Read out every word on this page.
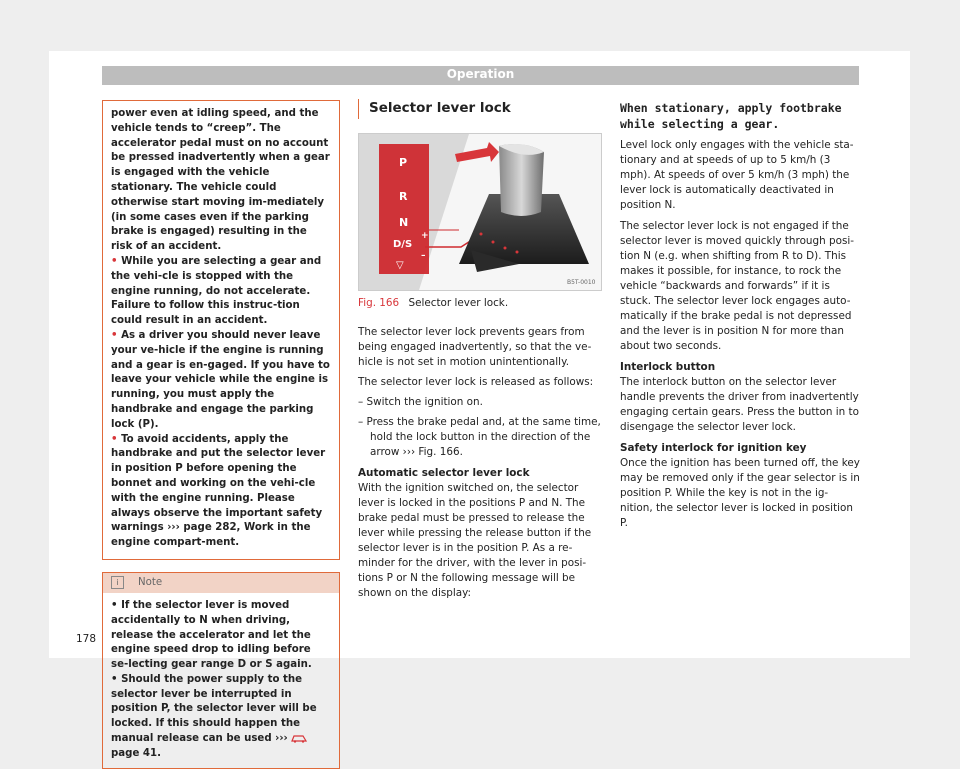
Operation

power even at idling speed, and the vehicle tends to “creep”. The accelerator pedal must on no account be pressed inadvertently when a gear is engaged with the vehicle stationary. The vehicle could otherwise start moving im-mediately (in some cases even if the parking brake is engaged) resulting in the risk of an accident.

• While you are selecting a gear and the vehi-cle is stopped with the engine running, do not accelerate. Failure to follow this instruc-tion could result in an accident.

• As a driver you should never leave your ve-hicle if the engine is running and a gear is en-gaged. If you have to leave your vehicle while the engine is running, you must apply the handbrake and engage the parking lock (P).

• To avoid accidents, apply the handbrake and put the selector lever in position P before opening the bonnet and working on the vehi-cle with the engine running. Please always observe the important safety warnings ››› page 282, Work in the engine compart-ment.

i	Note

• If the selector lever is moved accidentally to N when driving, release the accelerator and let the engine speed drop to idling before se-lecting gear range D or S again.

• Should the power supply to the selector lever be interrupted in position P, the selector lever will be locked. If this should happen the manual release can be used ›››  page 41.

Selector lever lock
P
R
N
D/S
+
–
▽
B5T-0010
Fig. 166 Selector lever lock.

The selector lever lock prevents gears from being engaged inadvertently, so that the ve-hicle is not set in motion unintentionally.

The selector lever lock is released as follows:

– Switch the ignition on.

– Press the brake pedal and, at the same time, hold the lock button in the direction of the arrow ››› Fig. 166.

Automatic selector lever lock

With the ignition switched on, the selector lever is locked in the positions P and N. The brake pedal must be pressed to release the lever while pressing the release button if the selector lever is in the position P. As a re-minder for the driver, with the lever in posi-tions P or N the following message will be shown on the display:

When stationary, apply footbrake while selecting a gear.

Level lock only engages with the vehicle sta-tionary and at speeds of up to 5 km/h (3 mph). At speeds of over 5 km/h (3 mph) the lever lock is automatically deactivated in position N.

The selector lever lock is not engaged if the selector lever is moved quickly through posi-tion N (e.g. when shifting from R to D). This makes it possible, for instance, to rock the vehicle “backwards and forwards” if it is stuck. The selector lever lock engages auto-matically if the brake pedal is not depressed and the lever is in position N for more than about two seconds.

Interlock button

The interlock button on the selector lever handle prevents the driver from inadvertently engaging certain gears. Press the button in to disengage the selector lever lock.

Safety interlock for ignition key

Once the ignition has been turned off, the key may be removed only if the gear selector is in position P. While the key is not in the ig-nition, the selector lever is locked in position P.

178
